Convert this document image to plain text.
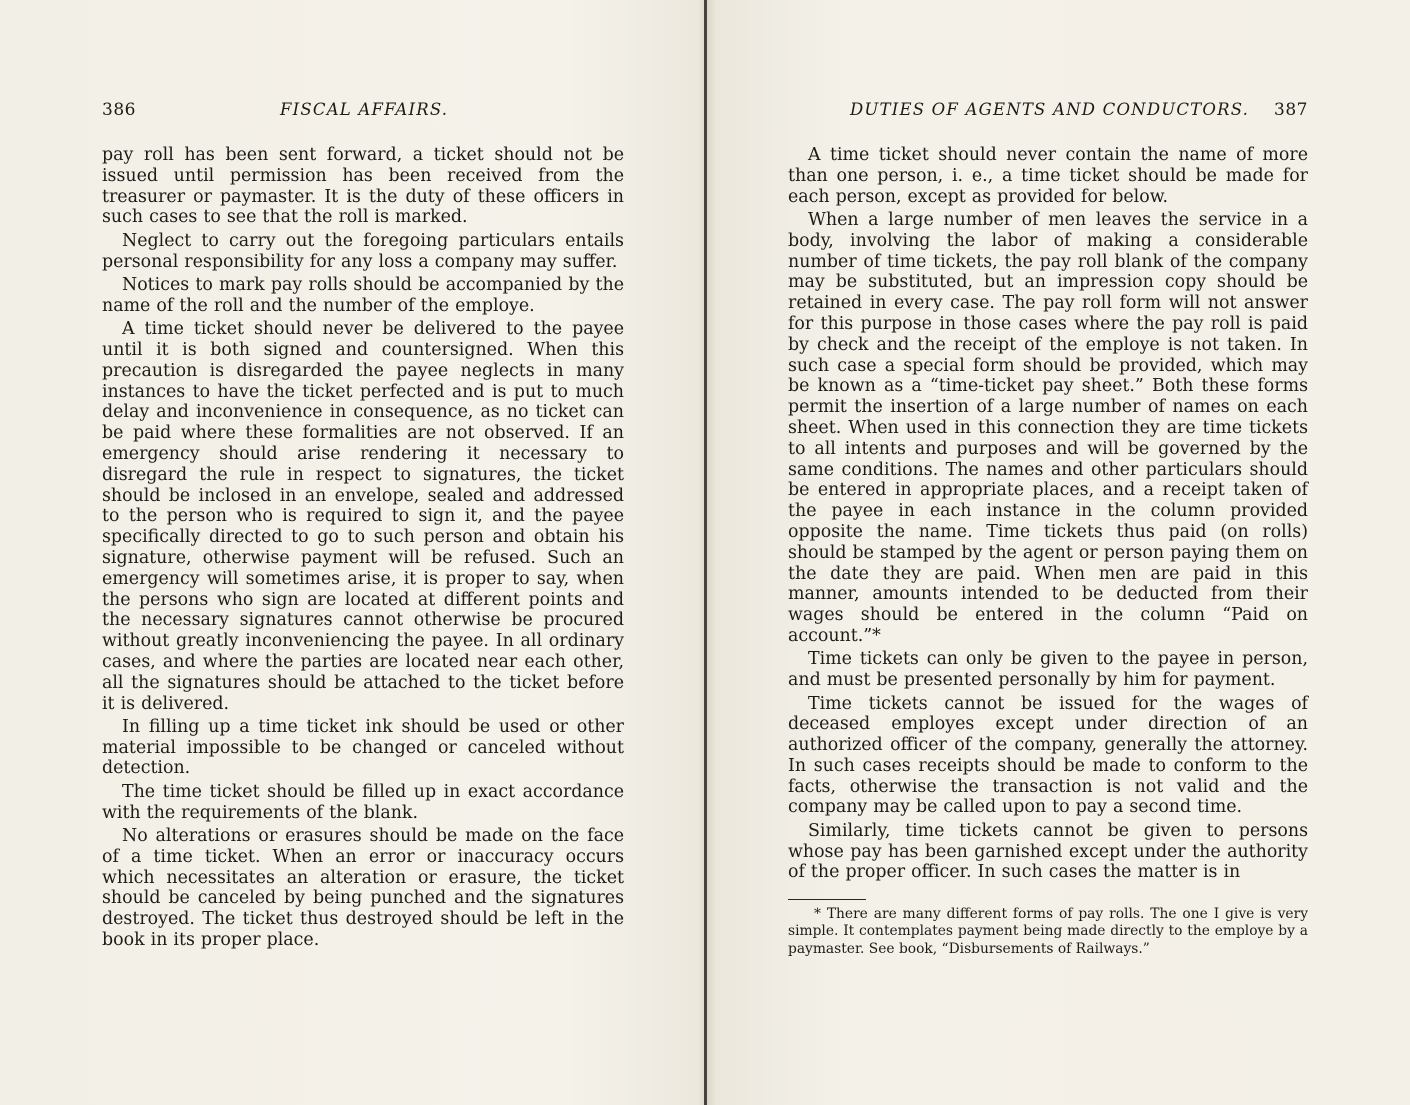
386	FISCAL AFFAIRS.

pay roll has been sent forward, a ticket should not be issued until permission has been received from the treasurer or paymaster. It is the duty of these officers in such cases to see that the roll is marked.

Neglect to carry out the foregoing particulars entails personal responsibility for any loss a company may suffer.

Notices to mark pay rolls should be accompanied by the name of the roll and the number of the employe.

A time ticket should never be delivered to the payee until it is both signed and countersigned. When this precaution is disregarded the payee neglects in many instances to have the ticket perfected and is put to much delay and inconvenience in consequence, as no ticket can be paid where these formalities are not observed. If an emergency should arise rendering it necessary to disregard the rule in respect to signatures, the ticket should be inclosed in an envelope, sealed and addressed to the person who is required to sign it, and the payee specifically directed to go to such person and obtain his signature, otherwise payment will be refused. Such an emergency will sometimes arise, it is proper to say, when the persons who sign are located at different points and the necessary signatures cannot otherwise be procured without greatly inconveniencing the payee. In all ordinary cases, and where the parties are located near each other, all the signatures should be attached to the ticket before it is delivered.

In filling up a time ticket ink should be used or other material impossible to be changed or canceled without detection.

The time ticket should be filled up in exact accordance with the requirements of the blank.

No alterations or erasures should be made on the face of a time ticket. When an error or inaccuracy occurs which necessitates an alteration or erasure, the ticket should be canceled by being punched and the signatures destroyed. The ticket thus destroyed should be left in the book in its proper place.

DUTIES OF AGENTS AND CONDUCTORS. 387

A time ticket should never contain the name of more than one person, i. e., a time ticket should be made for each person, except as provided for below.

When a large number of men leaves the service in a body, involving the labor of making a considerable number of time tickets, the pay roll blank of the company may be substituted, but an impression copy should be retained in every case. The pay roll form will not answer for this purpose in those cases where the pay roll is paid by check and the receipt of the employe is not taken. In such case a special form should be provided, which may be known as a “time-ticket pay sheet.” Both these forms permit the insertion of a large number of names on each sheet. When used in this connection they are time tickets to all intents and purposes and will be governed by the same conditions. The names and other particulars should be entered in appropriate places, and a receipt taken of the payee in each instance in the column provided opposite the name. Time tickets thus paid (on rolls) should be stamped by the agent or person paying them on the date they are paid. When men are paid in this manner, amounts intended to be deducted from their wages should be entered in the column “Paid on account.”*

Time tickets can only be given to the payee in person, and must be presented personally by him for payment.

Time tickets cannot be issued for the wages of deceased employes except under direction of an authorized officer of the company, generally the attorney. In such cases receipts should be made to conform to the facts, otherwise the transaction is not valid and the company may be called upon to pay a second time.

Similarly, time tickets cannot be given to persons whose pay has been garnished except under the authority of the proper officer. In such cases the matter is in

* There are many different forms of pay rolls. The one I give is very simple. It contemplates payment being made directly to the employe by a paymaster. See book, “Disbursements of Railways.”
